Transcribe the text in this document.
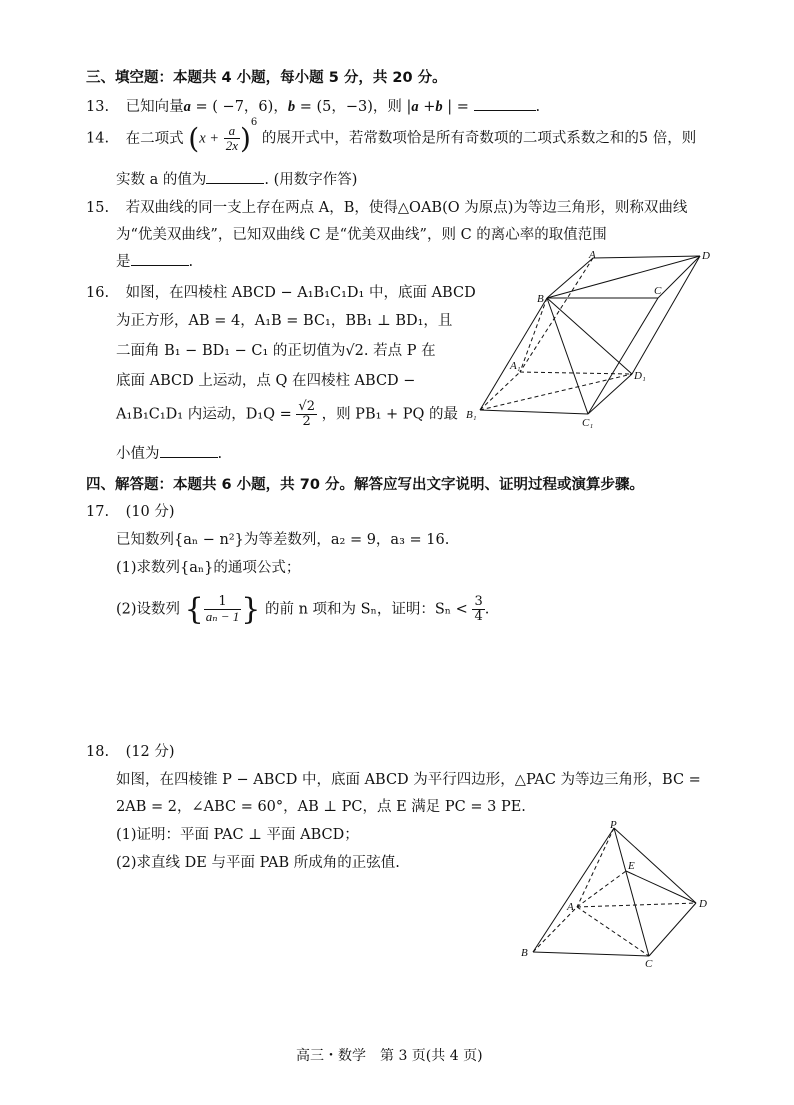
三、填空题：本题共 4 小题，每小题 5 分，共 20 分。
13. 已知向量a = ( −7，6)，b = (5，−3)，则 |a +b | =	.
14. 在二项式 $(x + \frac{a}{2x} )^6$ 的展开式中，若常数项恰是所有奇数项的二项式系数之和的5 倍，则
实数 a 的值为	. (用数字作答)
15. 若双曲线的同一支上存在两点 A，B，使得△OAB(O 为原点)为等边三角形，则称双曲线
为“优美双曲线”，已知双曲线 C 是“优美双曲线”，则 C 的离心率的取值范围
是	.
16. 如图，在四棱柱 ABCD − A₁B₁C₁D₁ 中，底面 ABCD
为正方形，AB = 4，A₁B = BC₁，BB₁ ⊥ BD₁，且
二面角 B₁ − BD₁ − C₁ 的正切值为√2. 若点 P 在
底面 ABCD 上运动，点 Q 在四棱柱 ABCD −
A₁B₁C₁D₁ 内运动，$D_1Q = \frac{√2}{2}$ ，则 PB₁ + PQ 的最
小值为	.
A	D
B
C
A₁
D₁
B₁
C₁
四、解答题：本题共 6 小题，共 70 分。解答应写出文字说明、证明过程或演算步骤。
17. (10 分)
已知数列{aₙ − n²}为等差数列，a₂ = 9，a₃ = 16.
(1)求数列{aₙ}的通项公式；
(2)设数列 { $\frac{1}{\text{aₙ − 1}}$ } 的前 n 项和为 Sₙ，证明：$S_n < \frac{3}{4}$ .
18. (12 分)
如图，在四棱锥 P − ABCD 中，底面 ABCD 为平行四边形，△PAC 为等边三角形，BC =
2AB = 2，∠ABC = 60°，AB ⊥ PC，点 E 满足 PC = 3 PE.
(1)证明：平面 PAC ⊥ 平面 ABCD；
(2)求直线 DE 与平面 PAB 所成角的正弦值.
P
E
A	D
B
C
高三・数学　第 3 页(共 4 页)
